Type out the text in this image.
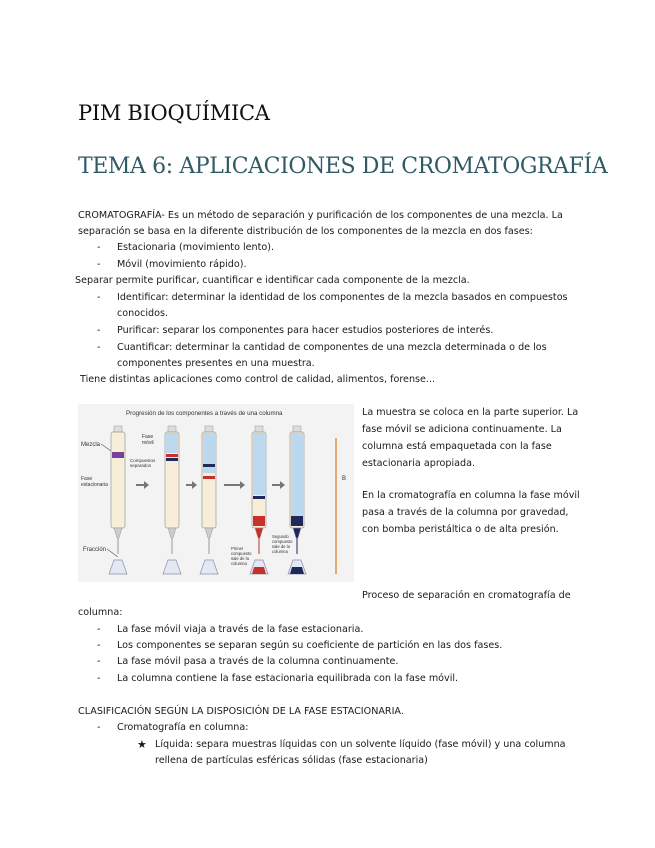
PIM BIOQUÍMICA
TEMA 6: APLICACIONES DE CROMATOGRAFÍA
CROMATOGRAFÍA- Es un método de separación y purificación de los componentes de una mezcla. La
separación se basa en la diferente distribución de los componentes de la mezcla en dos fases:
- Estacionaria (movimiento lento).
- Móvil (movimiento rápido).
Separar permite purificar, cuantificar e identificar cada componente de la mezcla.
- Identificar: determinar la identidad de los componentes de la mezcla basados en compuestos
conocidos.
- Purificar: separar los componentes para hacer estudios posteriores de interés.
- Cuantificar: determinar la cantidad de componentes de una mezcla determinada o de los
componentes presentes en una muestra.
Tiene distintas aplicaciones como control de calidad, alimentos, forense...
Progresión de los componentes a través de una columna
Mezcla
Fase
estacionaria
Fracción
Fase
móvil
Compuestos
separados
Primer
compuesto
sale de la
columna
Segundo
compuesto
sale de la
columna
B
La muestra se coloca en la parte superior. La
fase móvil se adiciona continuamente. La
columna está empaquetada con la fase
estacionaria apropiada.
En la cromatografía en columna la fase móvil
pasa a través de la columna por gravedad,
con bomba peristáltica o de alta presión.
Proceso de separación en cromatografía de
columna:
- La fase móvil viaja a través de la fase estacionaria.
- Los componentes se separan según su coeficiente de partición en las dos fases.
- La fase móvil pasa a través de la columna continuamente.
- La columna contiene la fase estacionaria equilibrada con la fase móvil.
CLASIFICACIÓN SEGÚN LA DISPOSICIÓN DE LA FASE ESTACIONARIA.
- Cromatografía en columna:
★ Líquida: separa muestras líquidas con un solvente líquido (fase móvil) y una columna
rellena de partículas esféricas sólidas (fase estacionaria)
